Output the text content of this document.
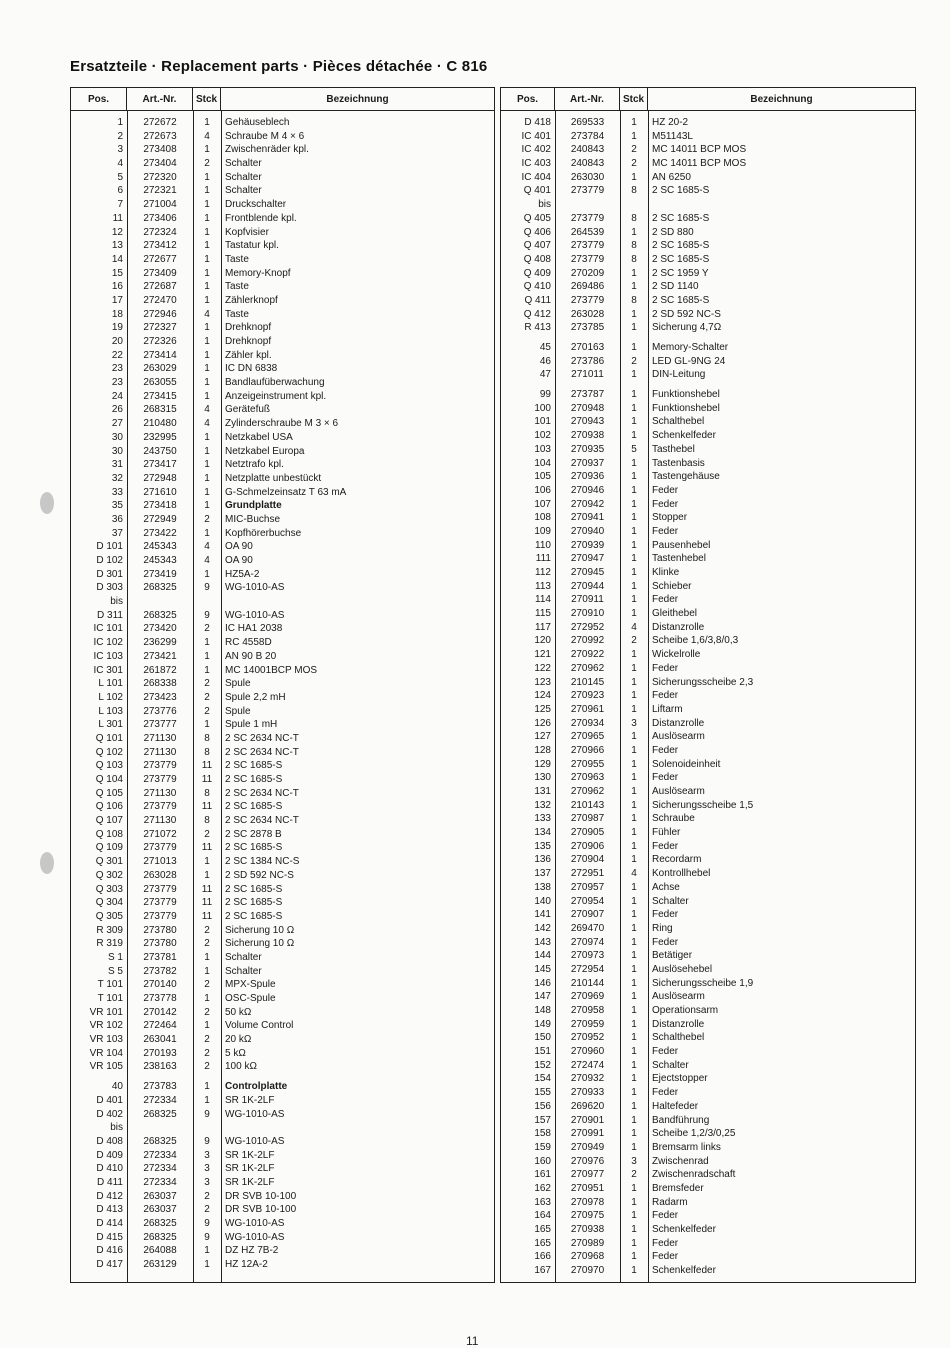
Ersatzteile · Replacement parts · Pièces détachée · C 816
Pos.	Art.-Nr.	Stck	Bezeichnung
1	272672	1	Gehäuseblech
2	272673	4	Schraube M 4 × 6
3	273408	1	Zwischenräder kpl.
4	273404	2	Schalter
5	272320	1	Schalter
6	272321	1	Schalter
7	271004	1	Druckschalter
11	273406	1	Frontblende kpl.
12	272324	1	Kopfvisier
13	273412	1	Tastatur kpl.
14	272677	1	Taste
15	273409	1	Memory-Knopf
16	272687	1	Taste
17	272470	1	Zählerknopf
18	272946	4	Taste
19	272327	1	Drehknopf
20	272326	1	Drehknopf
22	273414	1	Zähler kpl.
23	263029	1	IC DN 6838
23	263055	1	Bandlaufüberwachung
24	273415	1	Anzeigeinstrument kpl.
26	268315	4	Gerätefuß
27	210480	4	Zylinderschraube M 3 × 6
30	232995	1	Netzkabel USA
30	243750	1	Netzkabel Europa
31	273417	1	Netztrafo kpl.
32	272948	1	Netzplatte unbestückt
33	271610	1	G-Schmelzeinsatz T 63 mA
35	273418	1	Grundplatte
36	272949	2	MIC-Buchse
37	273422	1	Kopfhörerbuchse
D 101	245343	4	OA 90
D 102	245343	4	OA 90
D 301	273419	1	HZ5A-2
D 303	268325	9	WG-1010-AS
bis
D 311	268325	9	WG-1010-AS
IC 101	273420	2	IC HA1 2038
IC 102	236299	1	RC 4558D
IC 103	273421	1	AN 90 B 20
IC 301	261872	1	MC 14001BCP MOS
L 101	268338	2	Spule
L 102	273423	2	Spule 2,2 mH
L 103	273776	2	Spule
L 301	273777	1	Spule 1 mH
Q 101	271130	8	2 SC 2634 NC-T
Q 102	271130	8	2 SC 2634 NC-T
Q 103	273779	11	2 SC 1685-S
Q 104	273779	11	2 SC 1685-S
Q 105	271130	8	2 SC 2634 NC-T
Q 106	273779	11	2 SC 1685-S
Q 107	271130	8	2 SC 2634 NC-T
Q 108	271072	2	2 SC 2878 B
Q 109	273779	11	2 SC 1685-S
Q 301	271013	1	2 SC 1384 NC-S
Q 302	263028	1	2 SD 592 NC-S
Q 303	273779	11	2 SC 1685-S
Q 304	273779	11	2 SC 1685-S
Q 305	273779	11	2 SC 1685-S
R 309	273780	2	Sicherung 10 Ω
R 319	273780	2	Sicherung 10 Ω
S 1	273781	1	Schalter
S 5	273782	1	Schalter
T 101	270140	2	MPX-Spule
T 101	273778	1	OSC-Spule
VR 101	270142	2	50 kΩ
VR 102	272464	1	Volume Control
VR 103	263041	2	20 kΩ
VR 104	270193	2	5 kΩ
VR 105	238163	2	100 kΩ
40	273783	1	Controlplatte
D 401	272334	1	SR 1K-2LF
D 402	268325	9	WG-1010-AS
bis
D 408	268325	9	WG-1010-AS
D 409	272334	3	SR 1K-2LF
D 410	272334	3	SR 1K-2LF
D 411	272334	3	SR 1K-2LF
D 412	263037	2	DR SVB 10-100
D 413	263037	2	DR SVB 10-100
D 414	268325	9	WG-1010-AS
D 415	268325	9	WG-1010-AS
D 416	264088	1	DZ HZ 7B-2
D 417	263129	1	HZ 12A-2
Pos.	Art.-Nr.	Stck	Bezeichnung
D 418	269533	1	HZ 20-2
IC 401	273784	1	M51143L
IC 402	240843	2	MC 14011 BCP MOS
IC 403	240843	2	MC 14011 BCP MOS
IC 404	263030	1	AN 6250
Q 401	273779	8	2 SC 1685-S
bis
Q 405	273779	8	2 SC 1685-S
Q 406	264539	1	2 SD 880
Q 407	273779	8	2 SC 1685-S
Q 408	273779	8	2 SC 1685-S
Q 409	270209	1	2 SC 1959 Y
Q 410	269486	1	2 SD 1140
Q 411	273779	8	2 SC 1685-S
Q 412	263028	1	2 SD 592 NC-S
R 413	273785	1	Sicherung 4,7Ω
45	270163	1	Memory-Schalter
46	273786	2	LED GL-9NG 24
47	271011	1	DIN-Leitung
99	273787	1	Funktionshebel
100	270948	1	Funktionshebel
101	270943	1	Schalthebel
102	270938	1	Schenkelfeder
103	270935	5	Tasthebel
104	270937	1	Tastenbasis
105	270936	1	Tastengehäuse
106	270946	1	Feder
107	270942	1	Feder
108	270941	1	Stopper
109	270940	1	Feder
110	270939	1	Pausenhebel
111	270947	1	Tastenhebel
112	270945	1	Klinke
113	270944	1	Schieber
114	270911	1	Feder
115	270910	1	Gleithebel
117	272952	4	Distanzrolle
120	270992	2	Scheibe 1,6/3,8/0,3
121	270922	1	Wickelrolle
122	270962	1	Feder
123	210145	1	Sicherungsscheibe 2,3
124	270923	1	Feder
125	270961	1	Liftarm
126	270934	3	Distanzrolle
127	270965	1	Auslösearm
128	270966	1	Feder
129	270955	1	Solenoideinheit
130	270963	1	Feder
131	270962	1	Auslösearm
132	210143	1	Sicherungsscheibe 1,5
133	270987	1	Schraube
134	270905	1	Fühler
135	270906	1	Feder
136	270904	1	Recordarm
137	272951	4	Kontrollhebel
138	270957	1	Achse
140	270954	1	Schalter
141	270907	1	Feder
142	269470	1	Ring
143	270974	1	Feder
144	270973	1	Betätiger
145	272954	1	Auslösehebel
146	210144	1	Sicherungsscheibe 1,9
147	270969	1	Auslösearm
148	270958	1	Operationsarm
149	270959	1	Distanzrolle
150	270952	1	Schalthebel
151	270960	1	Feder
152	272474	1	Schalter
154	270932	1	Ejectstopper
155	270933	1	Feder
156	269620	1	Haltefeder
157	270901	1	Bandführung
158	270991	1	Scheibe 1,2/3/0,25
159	270949	1	Bremsarm links
160	270976	3	Zwischenrad
161	270977	2	Zwischenradschaft
162	270951	1	Bremsfeder
163	270978	1	Radarm
164	270975	1	Feder
165	270938	1	Schenkelfeder
165	270989	1	Feder
166	270968	1	Feder
167	270970	1	Schenkelfeder
11
